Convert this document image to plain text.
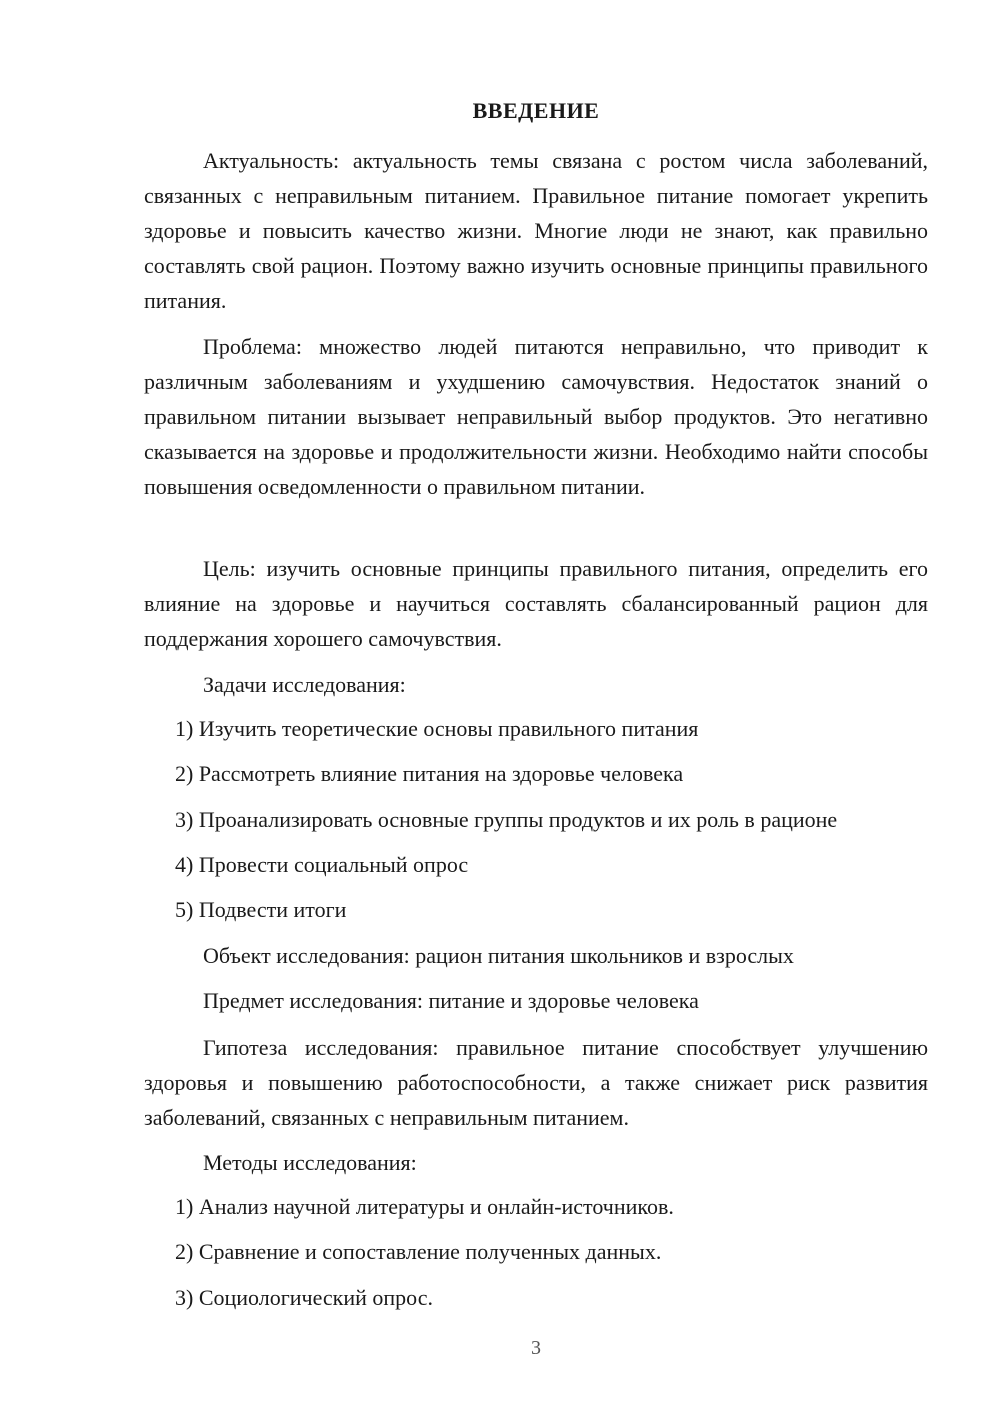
ВВЕДЕНИЕ

Актуальность: актуальность темы связана с ростом числа заболеваний, связанных с неправильным питанием. Правильное питание помогает укрепить здоровье и повысить качество жизни. Многие люди не знают, как правильно составлять свой рацион. Поэтому важно изучить основные принципы правильного питания.

Проблема: множество людей питаются неправильно, что приводит к различным заболеваниям и ухудшению самочувствия. Недостаток знаний о правильном питании вызывает неправильный выбор продуктов. Это негативно сказывается на здоровье и продолжительности жизни. Необходимо найти способы повышения осведомленности о правильном питании.

Цель: изучить основные принципы правильного питания, определить его влияние на здоровье и научиться составлять сбалансированный рацион для поддержания хорошего самочувствия.

Задачи исследования:
1) Изучить теоретические основы правильного питания
2) Рассмотреть влияние питания на здоровье человека
3) Проанализировать основные группы продуктов и их роль в рационе
4) Провести социальный опрос
5) Подвести итоги
Объект исследования: рацион питания школьников и взрослых
Предмет исследования: питание и здоровье человека

Гипотеза исследования: правильное питание способствует улучшению здоровья и повышению работоспособности, а также снижает риск развития заболеваний, связанных с неправильным питанием.

Методы исследования:
1) Анализ научной литературы и онлайн-источников.
2) Сравнение и сопоставление полученных данных.
3) Социологический опрос.
3
